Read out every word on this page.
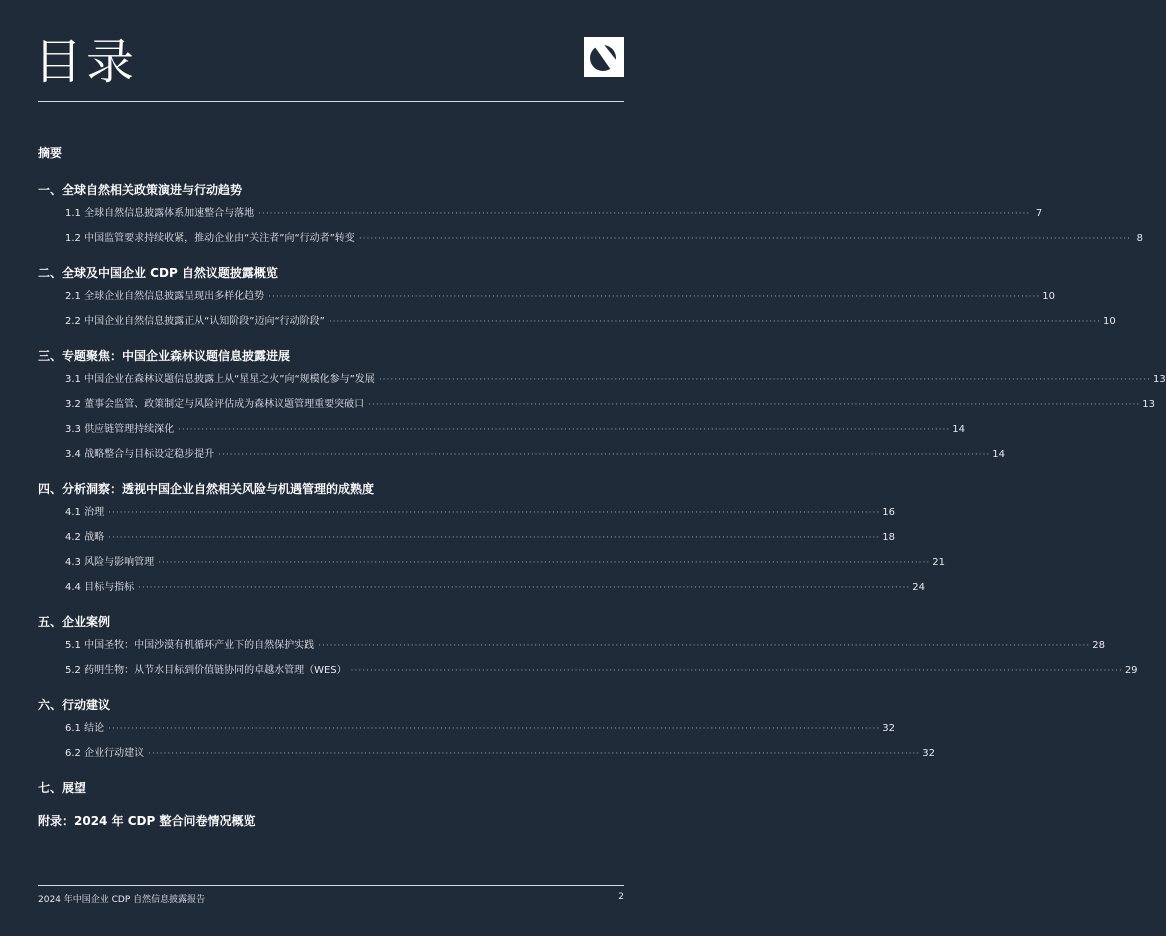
目录
摘要
一、全球自然相关政策演进与行动趋势
1.1 全球自然信息披露体系加速整合与落地 ········································································································································································································ 7
1.2 中国监管要求持续收紧，推动企业由“关注者”向“行动者”转变 ········································································································································································································ 8
二、全球及中国企业 CDP 自然议题披露概览
2.1 全球企业自然信息披露呈现出多样化趋势 ········································································································································································································ 10
2.2 中国企业自然信息披露正从“认知阶段”迈向“行动阶段” ········································································································································································································ 10
三、专题聚焦：中国企业森林议题信息披露进展
3.1 中国企业在森林议题信息披露上从“星星之火”向“规模化参与”发展 ········································································································································································································ 13
3.2 董事会监管、政策制定与风险评估成为森林议题管理重要突破口 ········································································································································································································ 13
3.3 供应链管理持续深化 ········································································································································································································ 14
3.4 战略整合与目标设定稳步提升 ········································································································································································································ 14
四、分析洞察：透视中国企业自然相关风险与机遇管理的成熟度
4.1 治理 ········································································································································································································ 16
4.2 战略 ········································································································································································································ 18
4.3 风险与影响管理 ········································································································································································································ 21
4.4 目标与指标 ········································································································································································································ 24
五、企业案例
5.1 中国圣牧：中国沙漠有机循环产业下的自然保护实践 ········································································································································································································ 28
5.2 药明生物：从节水目标到价值链协同的卓越水管理（WES） ········································································································································································································ 29
六、行动建议
6.1 结论 ········································································································································································································ 32
6.2 企业行动建议 ········································································································································································································ 32
七、展望
附录：2024 年 CDP 整合问卷情况概览
2024 年中国企业 CDP 自然信息披露报告	2
